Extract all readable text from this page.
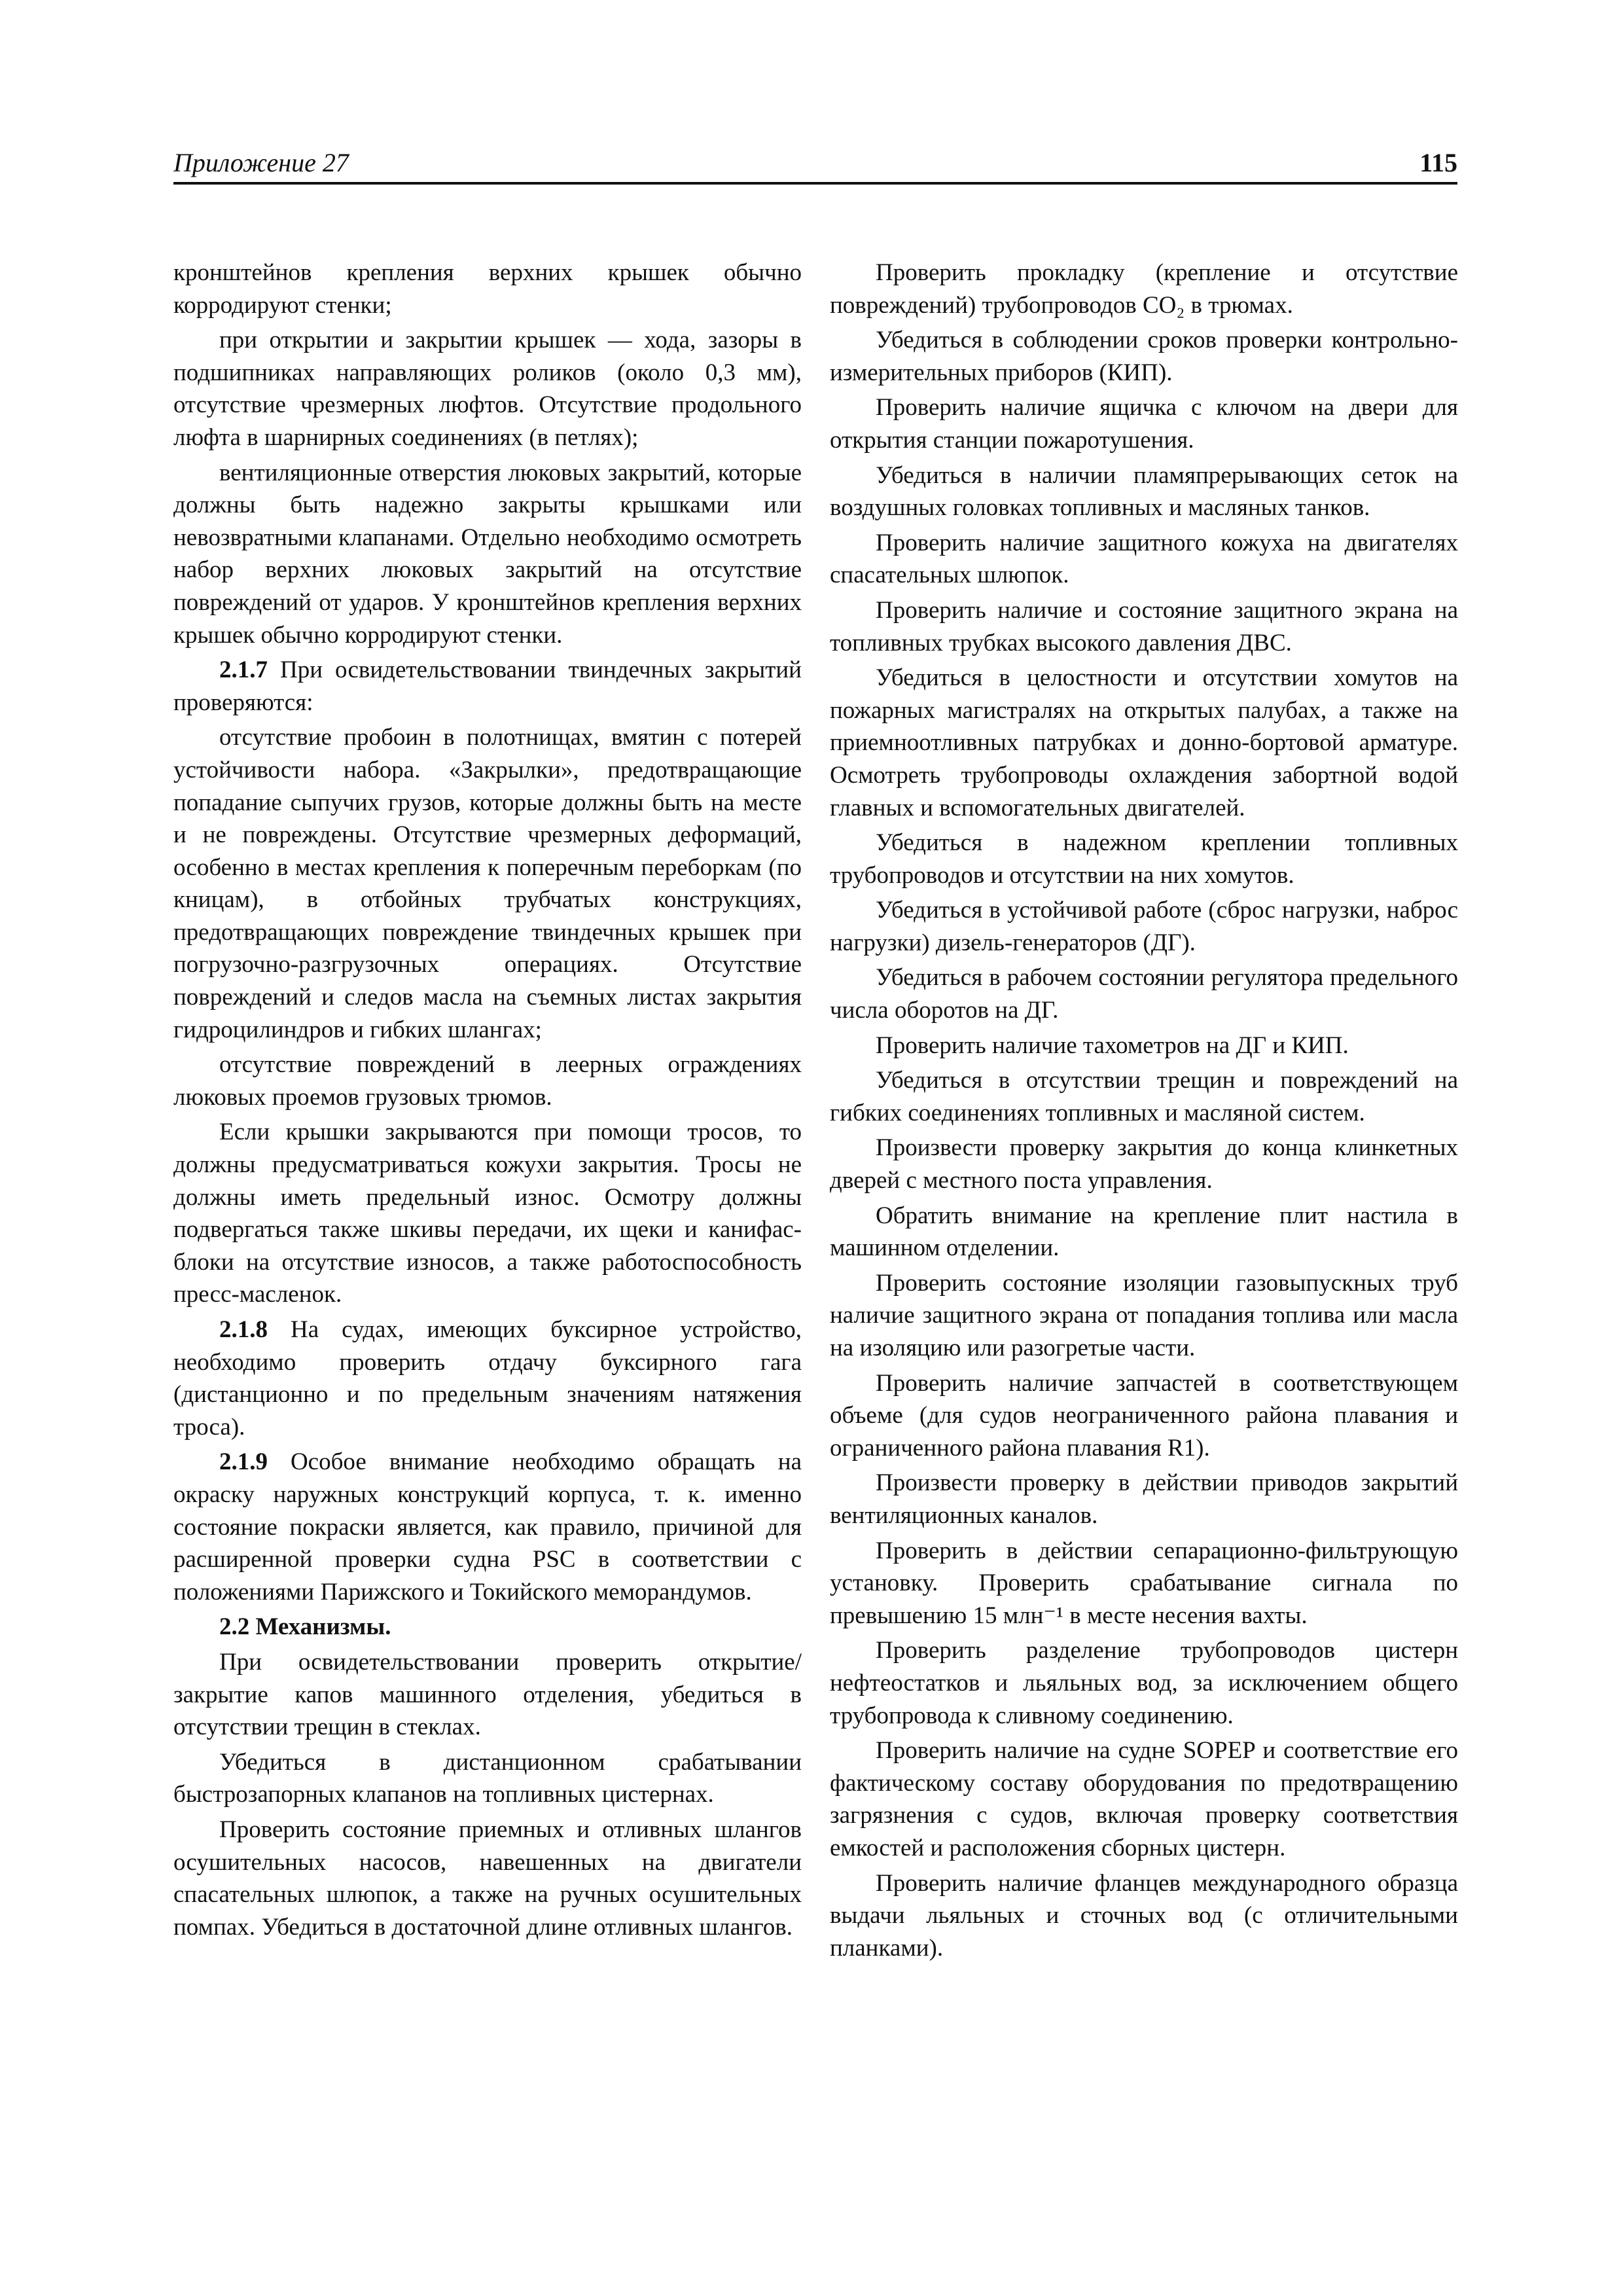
Приложение 27	115

кронштейнов крепления верхних крышек обычно корродируют стенки;

при открытии и закрытии крышек — хода, зазоры в подшипниках направляющих роликов (около 0,3 мм), отсутствие чрезмерных люфтов. Отсутствие продольного люфта в шарнирных соединениях (в петлях);

вентиляционные отверстия люковых закрытий, которые должны быть надежно закрыты крышками или невозвратными клапанами. Отдельно необходимо осмотреть набор верхних люковых закрытий на отсутствие повреждений от ударов. У кронштейнов крепления верхних крышек обычно корродируют стенки.

2.1.7 При освидетельствовании твиндечных закрытий проверяются:

отсутствие пробоин в полотнищах, вмятин с потерей устойчивости набора. «Закрылки», предотвращающие попадание сыпучих грузов, которые должны быть на месте и не повреждены. Отсутствие чрезмерных деформаций, особенно в местах крепления к поперечным переборкам (по кницам), в отбойных трубчатых конструкциях, предотвращающих повреждение твиндечных крышек при погрузочно-разгрузочных операциях. Отсутствие повреждений и следов масла на съемных листах закрытия гидроцилиндров и гибких шлангах;

отсутствие повреждений в леерных ограждениях люковых проемов грузовых трюмов.

Если крышки закрываются при помощи тросов, то должны предусматриваться кожухи закрытия. Тросы не должны иметь предельный износ. Осмотру должны подвергаться также шкивы передачи, их щеки и канифас-блоки на отсутствие износов, а также работоспособность пресс-масленок.

2.1.8 На судах, имеющих буксирное устройство, необходимо проверить отдачу буксирного гага (дистанционно и по предельным значениям натяжения троса).

2.1.9 Особое внимание необходимо обращать на окраску наружных конструкций корпуса, т. к. именно состояние покраски является, как правило, причиной для расширенной проверки судна PSC в соответствии с положениями Парижского и Токийского меморандумов.

2.2 Механизмы.

При освидетельствовании проверить открытие/закрытие капов машинного отделения, убедиться в отсутствии трещин в стеклах.

Убедиться в дистанционном срабатывании быстрозапорных клапанов на топливных цистернах.

Проверить состояние приемных и отливных шлангов осушительных насосов, навешенных на двигатели спасательных шлюпок, а также на ручных осушительных помпах. Убедиться в достаточной длине отливных шлангов.

Проверить прокладку (крепление и отсутствие повреждений) трубопроводов CO₂ в трюмах.

Убедиться в соблюдении сроков проверки контрольно-измерительных приборов (КИП).

Проверить наличие ящичка с ключом на двери для открытия станции пожаротушения.

Убедиться в наличии пламяпрерывающих сеток на воздушных головках топливных и масляных танков.

Проверить наличие защитного кожуха на двигателях спасательных шлюпок.

Проверить наличие и состояние защитного экрана на топливных трубках высокого давления ДВС.

Убедиться в целостности и отсутствии хомутов на пожарных магистралях на открытых палубах, а также на приемноотливных патрубках и донно-бортовой арматуре. Осмотреть трубопроводы охлаждения забортной водой главных и вспомогательных двигателей.

Убедиться в надежном креплении топливных трубопроводов и отсутствии на них хомутов.

Убедиться в устойчивой работе (сброс нагрузки, наброс нагрузки) дизель-генераторов (ДГ).

Убедиться в рабочем состоянии регулятора предельного числа оборотов на ДГ.

Проверить наличие тахометров на ДГ и КИП.

Убедиться в отсутствии трещин и повреждений на гибких соединениях топливных и масляной систем.

Произвести проверку закрытия до конца клинкетных дверей с местного поста управления.

Обратить внимание на крепление плит настила в машинном отделении.

Проверить состояние изоляции газовыпускных труб наличие защитного экрана от попадания топлива или масла на изоляцию или разогретые части.

Проверить наличие запчастей в соответствующем объеме (для судов неограниченного района плавания и ограниченного района плавания R1).

Произвести проверку в действии приводов закрытий вентиляционных каналов.

Проверить в действии сепарационно-фильтрующую установку. Проверить срабатывание сигнала по превышению 15 млн⁻¹ в месте несения вахты.

Проверить разделение трубопроводов цистерн нефтеостатков и льяльных вод, за исключением общего трубопровода к сливному соединению.

Проверить наличие на судне SOPEP и соответствие его фактическому составу оборудования по предотвращению загрязнения с судов, включая проверку соответствия емкостей и расположения сборных цистерн.

Проверить наличие фланцев международного образца выдачи льяльных и сточных вод (с отличительными планками).
